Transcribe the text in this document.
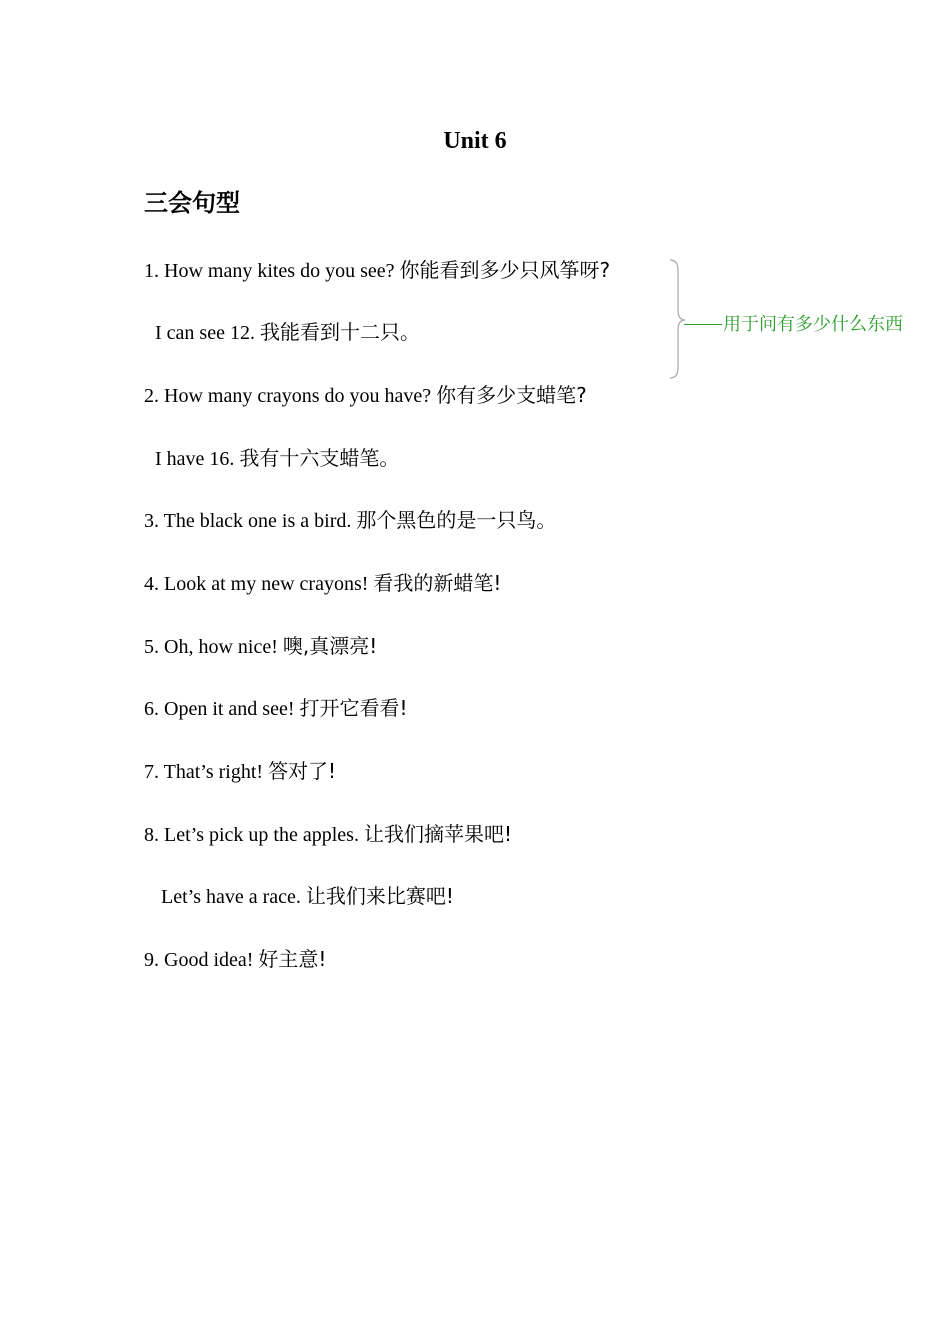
Unit 6
三会句型
1. How many kites do you see? 你能看到多少只风筝呀?
I can see 12. 我能看到十二只。
2. How many crayons do you have? 你有多少支蜡笔?
I have 16. 我有十六支蜡笔。
3. The black one is a bird. 那个黑色的是一只鸟。
4. Look at my new crayons! 看我的新蜡笔!
5. Oh, how nice! 噢,真漂亮!
6. Open it and see! 打开它看看!
7. That’s right! 答对了!
8. Let’s pick up the apples. 让我们摘苹果吧!
Let’s have a race. 让我们来比赛吧!
9. Good idea! 好主意!
用于问有多少什么东西
